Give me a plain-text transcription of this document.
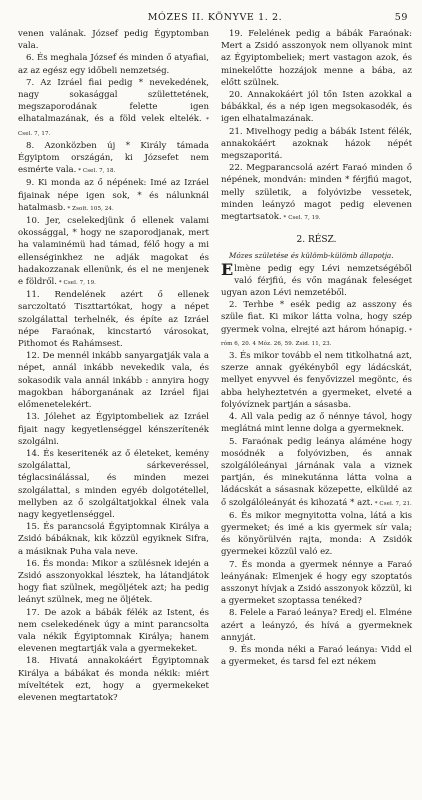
MÓZES II. KÖNYVE 1. 2.	59

venen valának. József pedig Égyptomban vala.

6. És meghala József és minden ő atyafiai, az az egész egy időbeli nemzetség.

7. Az Izráel fiai pedig * nevekedének, nagy sokasággal születtetének, megszaporodának felette igen elhatalmazának, és a föld velek eltelék. * Csel. 7, 17.

8. Azonközben új * Király támada Égyiptom országán, ki Józsefet nem esmérte vala. * Csel. 7, 18.

9. Ki monda az ő népének: Imé az Izráel fijainak népe igen sok, * és nálunknál hatalmasb. * Zsolt. 105, 24.

10. Jer, cselekedjünk ő ellenek valami okossággal, * hogy ne szaporodjanak, mert ha valaminémü had támad, félő hogy a mi ellenséginkhez ne adják magokat és hadakozzanak ellenünk, és el ne menjenek e földről. * Csel. 7, 19.

11. Rendelének azért ő ellenek sarczoltató Tiszttartókat, hogy a népet szolgálattal terhelnék, és építe az Izráel népe Faraónak, kincstartó városokat, Pithomot és Rahámsest.

12. De mennél inkább sanyargatják vala a népet, annál inkább nevekedik vala, és sokasodik vala annál inkább : annyira hogy magokban háborganának az Izráel fijai előmenetelekért.

13. Jólehet az Égyiptombeliek az Izráel fijait nagy kegyetlenséggel kénszerítenék szolgálni.

14. És keseritenék az ő életeket, kemény szolgálattal, sárkeveréssel, téglacsinálással, és minden mezei szolgálattal, s minden egyéb dolgotétellel, mellyben az ő szolgáltatjokkal élnek vala nagy kegyetlenséggel.

15. És parancsolá Égyiptomnak Királya a Zsidó bábáknak, kik közzül egyiknek Sifra, a másiknak Puha vala neve.

16. És monda: Mikor a szülésnek idején a Zsidó asszonyokkal lésztek, ha látandjátok hogy fiat szülnek, megöljétek azt; ha pedig leányt szülnek, meg ne öljétek.

17. De azok a bábák félék az Istent, és nem cselekedének úgy a mint parancsolta vala nékik Égyiptomnak Királya; hanem elevenen megtartják vala a gyermekeket.

18. Hivatá annakokáért Égyiptomnak Királya a bábákat és monda nékik: miért míveltétek ezt, hogy a gyermekeket elevenen megtartatok?

19. Felelének pedig a bábák Faraónak: Mert a Zsidó asszonyok nem ollyanok mint az Égyiptombeliek; mert vastagon azok, és minekelőtte hozzájok menne a bába, az előtt szülnek.

20. Annakokáért jól tőn Isten azokkal a bábákkal, és a nép igen megsokasodék, és igen elhatalmazának.

21. Mivelhogy pedig a bábák Istent félék, annakokáért azoknak házok népét megszaporitá.

22. Megparancsolá azért Faraó minden ő népének, mondván: minden * férjfiú magot, melly születik, a folyóvizbe vessetek, minden leányzó magot pedig elevenen megtartsatok. * Csel. 7, 19.

2. RÉSZ.

Mózes születése és külömb-külömb állapotja.

Elmène pedig egy Lévi nemzetségéből való férjfiú, és vőn magának feleséget ugyan azon Lévi nemzetéből.

2. Terhbe * esék pedig az asszony és szüle fiat. Ki mikor látta volna, hogy szép gyermek volna, elrejté azt három hónapig. * róm 6, 20. 4 Móz. 26, 59. Zsid. 11, 23.

3. És mikor tovább el nem titkolhatná azt, szerze annak gyékényből egy ládácskát, mellyet enyvvel és fenyővizzel megöntc, és abba helyheztetvén a gyermeket, elveté a folyóvíznek partján a sásasba.

4. All vala pedig az ő nénnye távol, hogy meglátná mint lenne dolga a gyermeknek.

5. Faraónak pedig leánya aláméne hogy mosódnék a folyóvizben, és annak szolgálóleányai járnának vala a viznek partján, és minekutánna látta volna a ládácskát a sásasnak közepette, elküldé az ő szolgálóleányát és kihozatá * azt. * Csel. 7, 21.

6. És mikor megnyitotta volna, látá a kis gyermeket; és imé a kis gyermek sír vala; és könyörülvén rajta, monda: A Zsidók gyermekei közzül való ez.

7. És monda a gyermek nénnye a Faraó leányának: Elmenjek é hogy egy szoptatós asszonyt hívjak a Zsidó asszonyok közzül, ki a gyermeket szoptassa tenéked?

8. Felele a Faraó leánya? Eredj el. Elméne azért a leányzó, és hívá a gyermeknek annyját.

9. És monda néki a Faraó leánya: Vidd el a gyermeket, és tarsd fel ezt nékem
